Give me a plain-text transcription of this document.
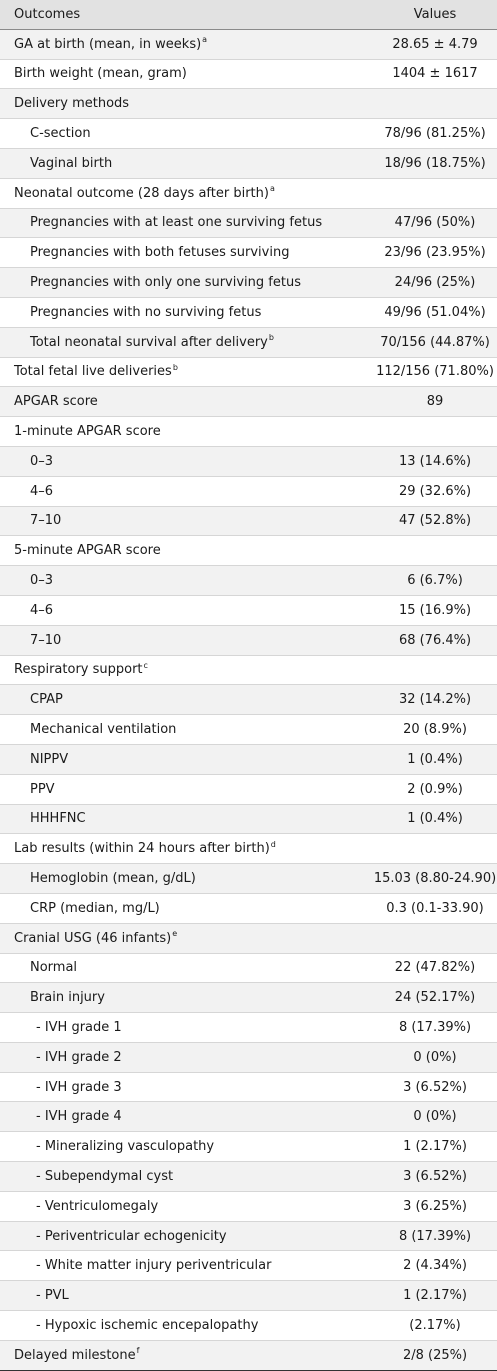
Outcomes	Values
GA at birth (mean, in weeks)$^a$	28.65 ± 4.79
Birth weight (mean, gram)	1404 ± 1617
Delivery methods	
C-section	78/96 (81.25%)
Vaginal birth	18/96 (18.75%)
Neonatal outcome (28 days after birth)$^a$	
Pregnancies with at least one surviving fetus	47/96 (50%)
Pregnancies with both fetuses surviving	23/96 (23.95%)
Pregnancies with only one surviving fetus	24/96 (25%)
Pregnancies with no surviving fetus	49/96 (51.04%)
Total neonatal survival after delivery$^b$	70/156 (44.87%)
Total fetal live deliveries$^b$	112/156 (71.80%)
APGAR score	89
1-minute APGAR score	
0–3	13 (14.6%)
4–6	29 (32.6%)
7–10	47 (52.8%)
5-minute APGAR score	
0–3	6 (6.7%)
4–6	15 (16.9%)
7–10	68 (76.4%)
Respiratory support$^c$	
CPAP	32 (14.2%)
Mechanical ventilation	20 (8.9%)
NIPPV	1 (0.4%)
PPV	2 (0.9%)
HHHFNC	1 (0.4%)
Lab results (within 24 hours after birth)$^d$	
Hemoglobin (mean, g/dL)	15.03 (8.80-24.90)
CRP (median, mg/L)	0.3 (0.1-33.90)
Cranial USG (46 infants)$^e$	
Normal	22 (47.82%)
Brain injury	24 (52.17%)
- IVH grade 1	8 (17.39%)
- IVH grade 2	0 (0%)
- IVH grade 3	3 (6.52%)
- IVH grade 4	0 (0%)
- Mineralizing vasculopathy	1 (2.17%)
- Subependymal cyst	3 (6.52%)
- Ventriculomegaly	3 (6.25%)
- Periventricular echogenicity	8 (17.39%)
- White matter injury periventricular	2 (4.34%)
- PVL	1 (2.17%)
- Hypoxic ischemic encepalopathy	(2.17%)
Delayed milestone$^f$	2/8 (25%)
